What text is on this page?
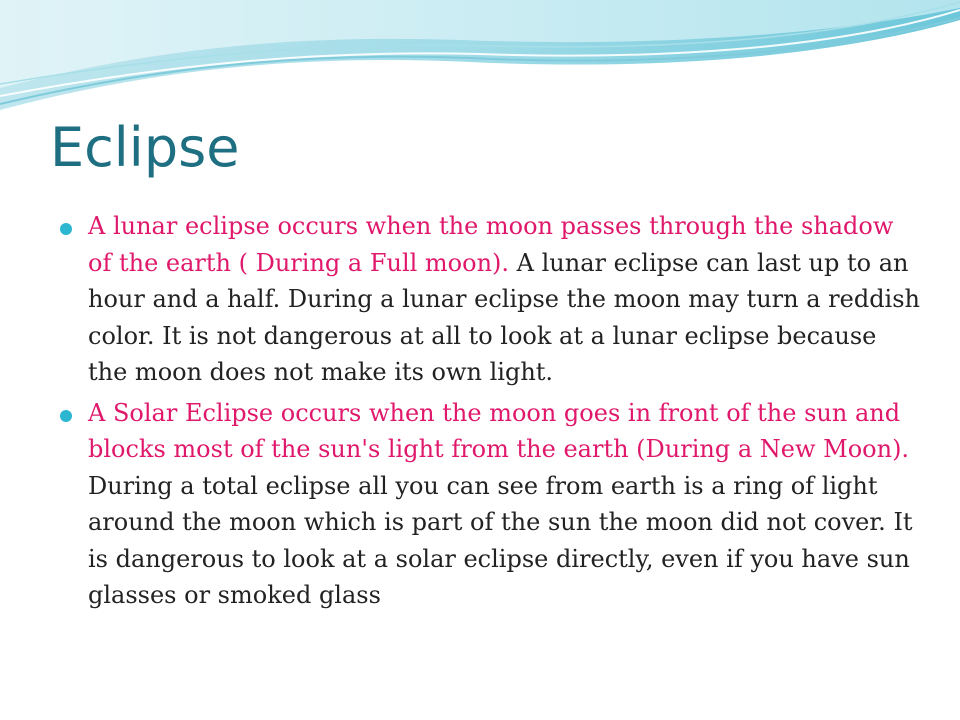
Eclipse
A lunar eclipse occurs when the moon passes through the shadow of the earth ( During a Full moon). A lunar eclipse can last up to an hour and a half. During a lunar eclipse the moon may turn a reddish color. It is not dangerous at all to look at a lunar eclipse because the moon does not make its own light.
A Solar Eclipse occurs when the moon goes in front of the sun and blocks most of the sun's light from the earth (During a New Moon). During a total eclipse all you can see from earth is a ring of light around the moon which is part of the sun the moon did not cover. It is dangerous to look at a solar eclipse directly, even if you have sun glasses or smoked glass
